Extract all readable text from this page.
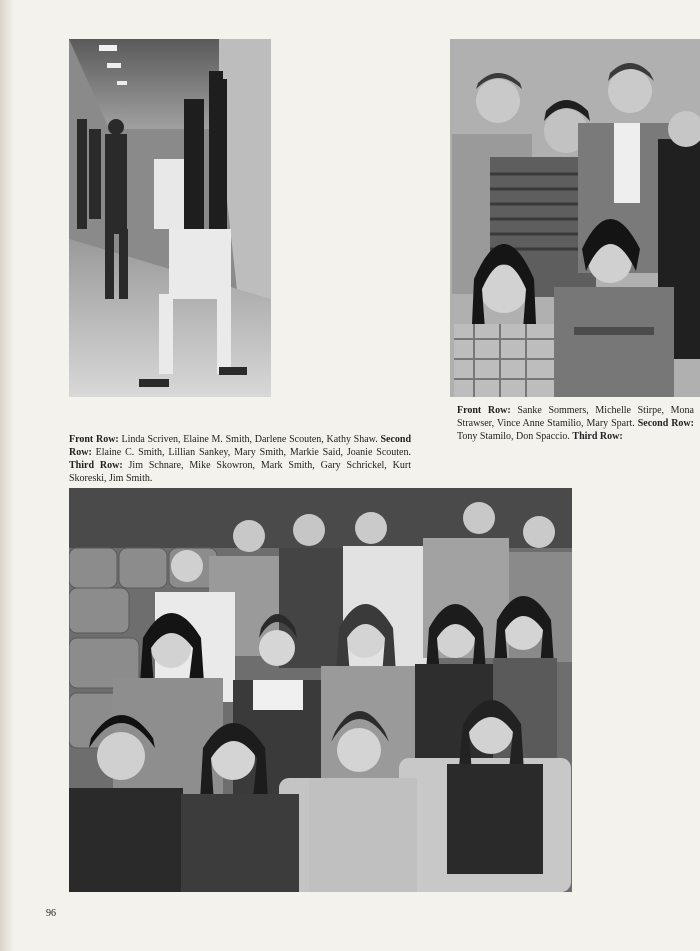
Front Row: Linda Scriven, Elaine M. Smith, Darlene Scouten, Kathy Shaw. Second Row: Elaine C. Smith, Lillian Sankey, Mary Smith, Markie Said, Joanie Scouten. Third Row: Jim Schnare, Mike Skowron, Mark Smith, Gary Schrickel, Kurt Skoreski, Jim Smith.
Front Row: Sanke Sommers, Michelle Stirpe, Mona Strawser, Vince Anne Stamilio, Mary Spart. Second Row: Tony Stamilo, Don Spaccio. Third Row:
96
